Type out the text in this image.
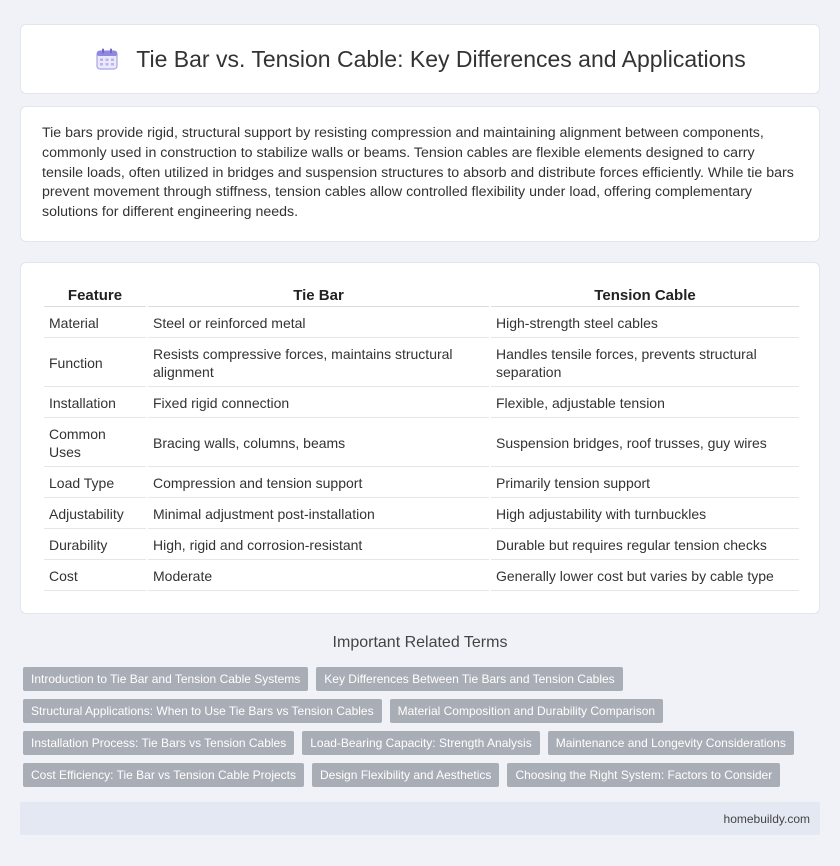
Tie Bar vs. Tension Cable: Key Differences and Applications

Tie bars provide rigid, structural support by resisting compression and maintaining alignment between components, commonly used in construction to stabilize walls or beams. Tension cables are flexible elements designed to carry tensile loads, often utilized in bridges and suspension structures to absorb and distribute forces efficiently. While tie bars prevent movement through stiffness, tension cables allow controlled flexibility under load, offering complementary solutions for different engineering needs.

Feature	Tie Bar	Tension Cable
Material	Steel or reinforced metal	High-strength steel cables
Function	Resists compressive forces, maintains structural alignment	Handles tensile forces, prevents structural separation
Installation	Fixed rigid connection	Flexible, adjustable tension
Common Uses	Bracing walls, columns, beams	Suspension bridges, roof trusses, guy wires
Load Type	Compression and tension support	Primarily tension support
Adjustability	Minimal adjustment post-installation	High adjustability with turnbuckles
Durability	High, rigid and corrosion-resistant	Durable but requires regular tension checks
Cost	Moderate	Generally lower cost but varies by cable type
Important Related Terms
Introduction to Tie Bar and Tension Cable Systems	Key Differences Between Tie Bars and Tension Cables
Structural Applications: When to Use Tie Bars vs Tension Cables	Material Composition and Durability Comparison
Installation Process: Tie Bars vs Tension Cables	Load-Bearing Capacity: Strength Analysis	Maintenance and Longevity Considerations
Cost Efficiency: Tie Bar vs Tension Cable Projects	Design Flexibility and Aesthetics	Choosing the Right System: Factors to Consider
homebuildy.com
